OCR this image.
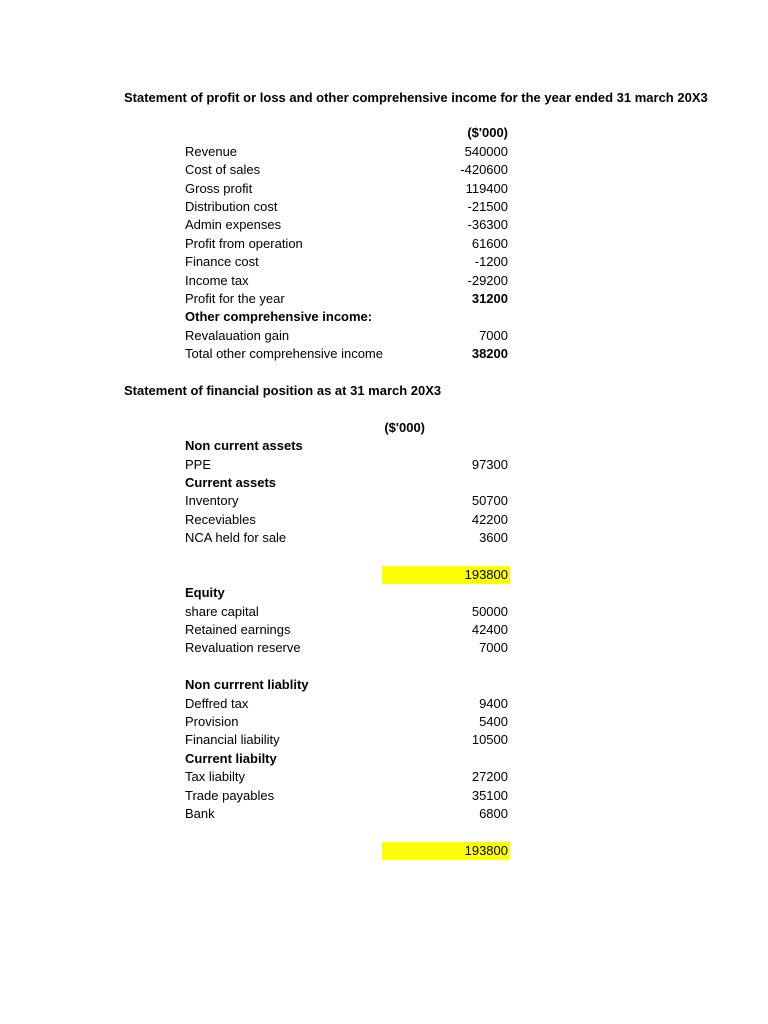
Statement of profit or loss and other comprehensive income for the year ended 31 march 20X3
($'000)
Revenue	540000
Cost of sales	-420600
Gross profit	119400
Distribution cost	-21500
Admin expenses	-36300
Profit from operation	61600
Finance cost	-1200
Income tax	-29200
Profit for the year	31200
Other comprehensive income:
Revalauation gain	7000
Total other comprehensive income	38200
Statement of financial position as at 31 march 20X3
($'000)
Non current assets
PPE	97300
Current assets
Inventory	50700
Receviables	42200
NCA held for sale	3600
193800
Equity
share capital	50000
Retained earnings	42400
Revaluation reserve	7000
Non currrent liablity
Deffred tax	9400
Provision	5400
Financial liability	10500
Current liabilty
Tax liabilty	27200
Trade payables	35100
Bank	6800
193800
